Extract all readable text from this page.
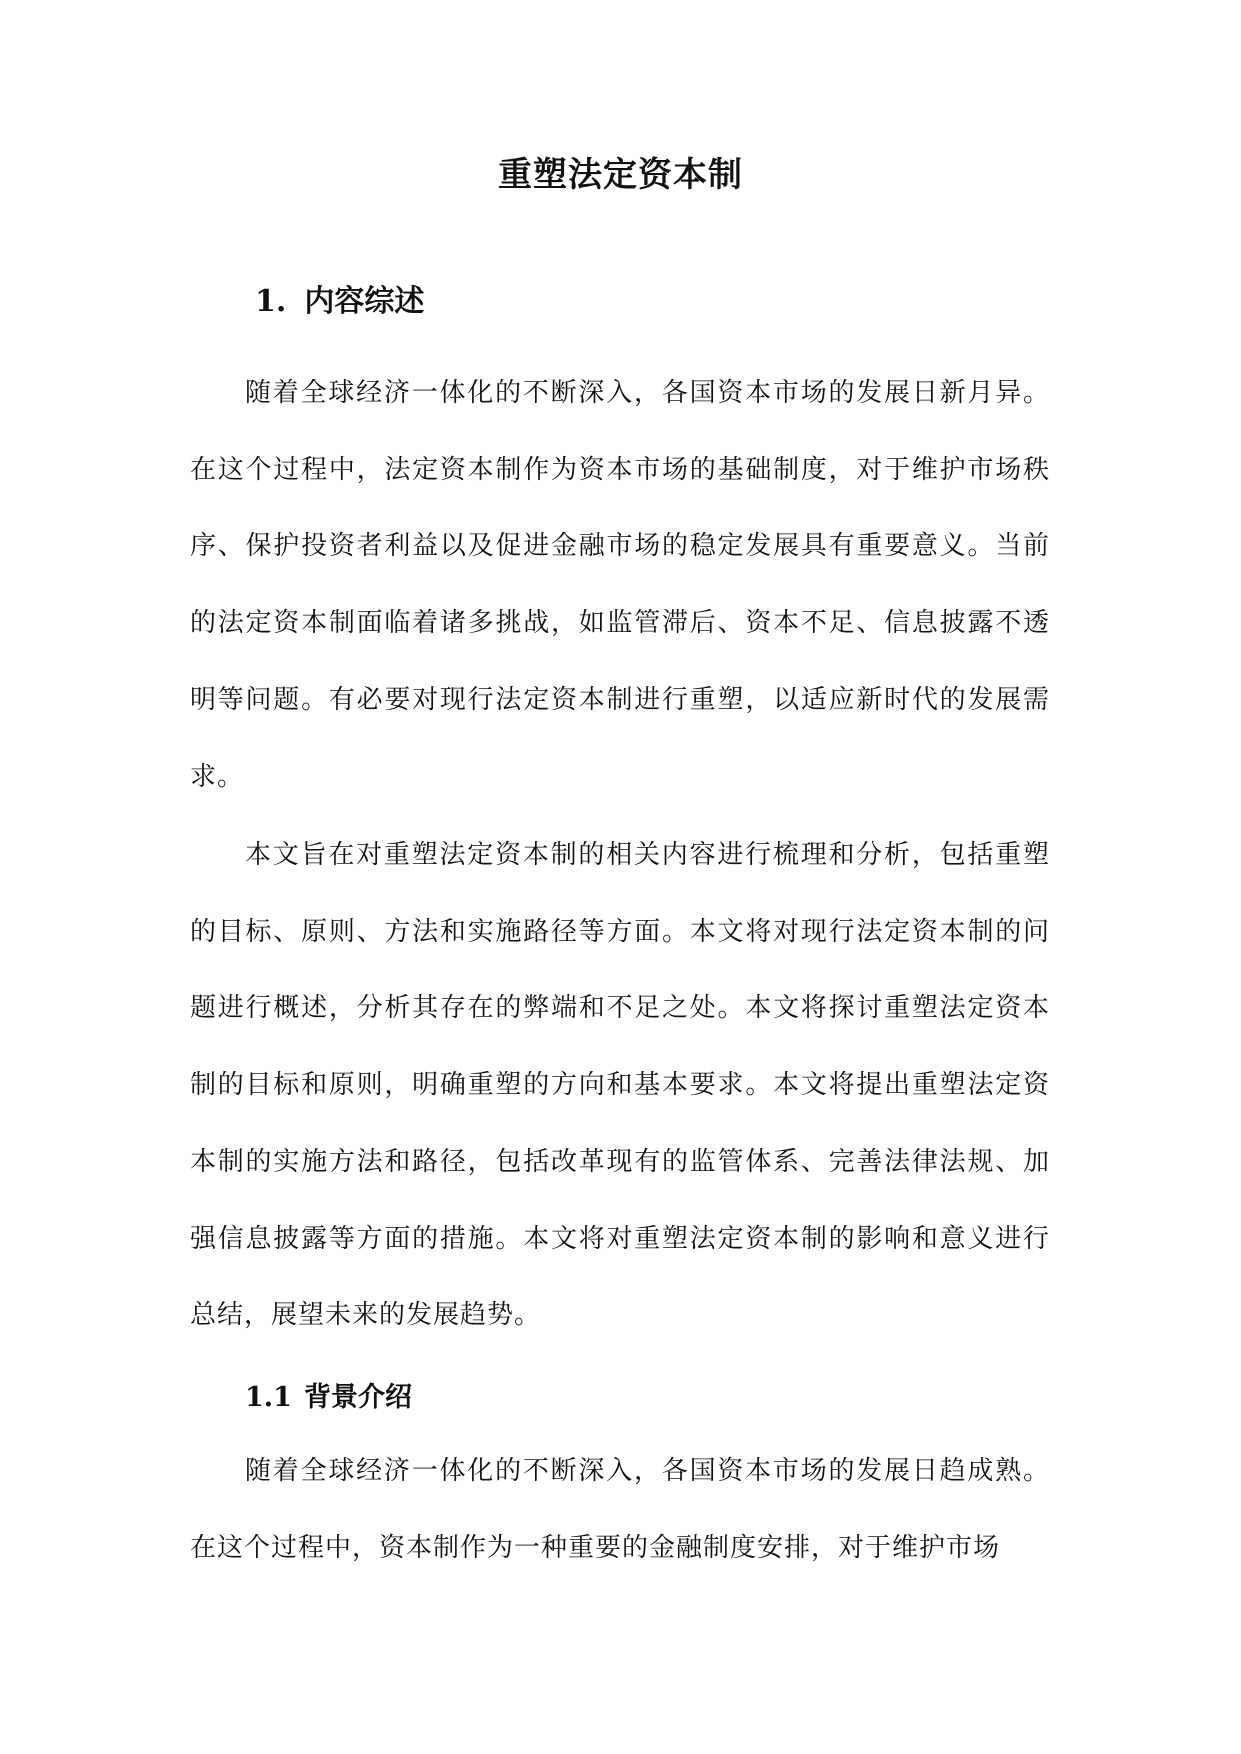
重塑法定资本制
1. 内容综述

随着全球经济一体化的不断深入，各国资本市场的发展日新月异。在这个过程中，法定资本制作为资本市场的基础制度，对于维护市场秩序、保护投资者利益以及促进金融市场的稳定发展具有重要意义。当前的法定资本制面临着诸多挑战，如监管滞后、资本不足、信息披露不透明等问题。有必要对现行法定资本制进行重塑，以适应新时代的发展需求。

本文旨在对重塑法定资本制的相关内容进行梳理和分析，包括重塑的目标、原则、方法和实施路径等方面。本文将对现行法定资本制的问题进行概述，分析其存在的弊端和不足之处。本文将探讨重塑法定资本制的目标和原则，明确重塑的方向和基本要求。本文将提出重塑法定资本制的实施方法和路径，包括改革现有的监管体系、完善法律法规、加强信息披露等方面的措施。本文将对重塑法定资本制的影响和意义进行总结，展望未来的发展趋势。

1.1 背景介绍

随着全球经济一体化的不断深入，各国资本市场的发展日趋成熟。在这个过程中，资本制作为一种重要的金融制度安排，对于维护市场
